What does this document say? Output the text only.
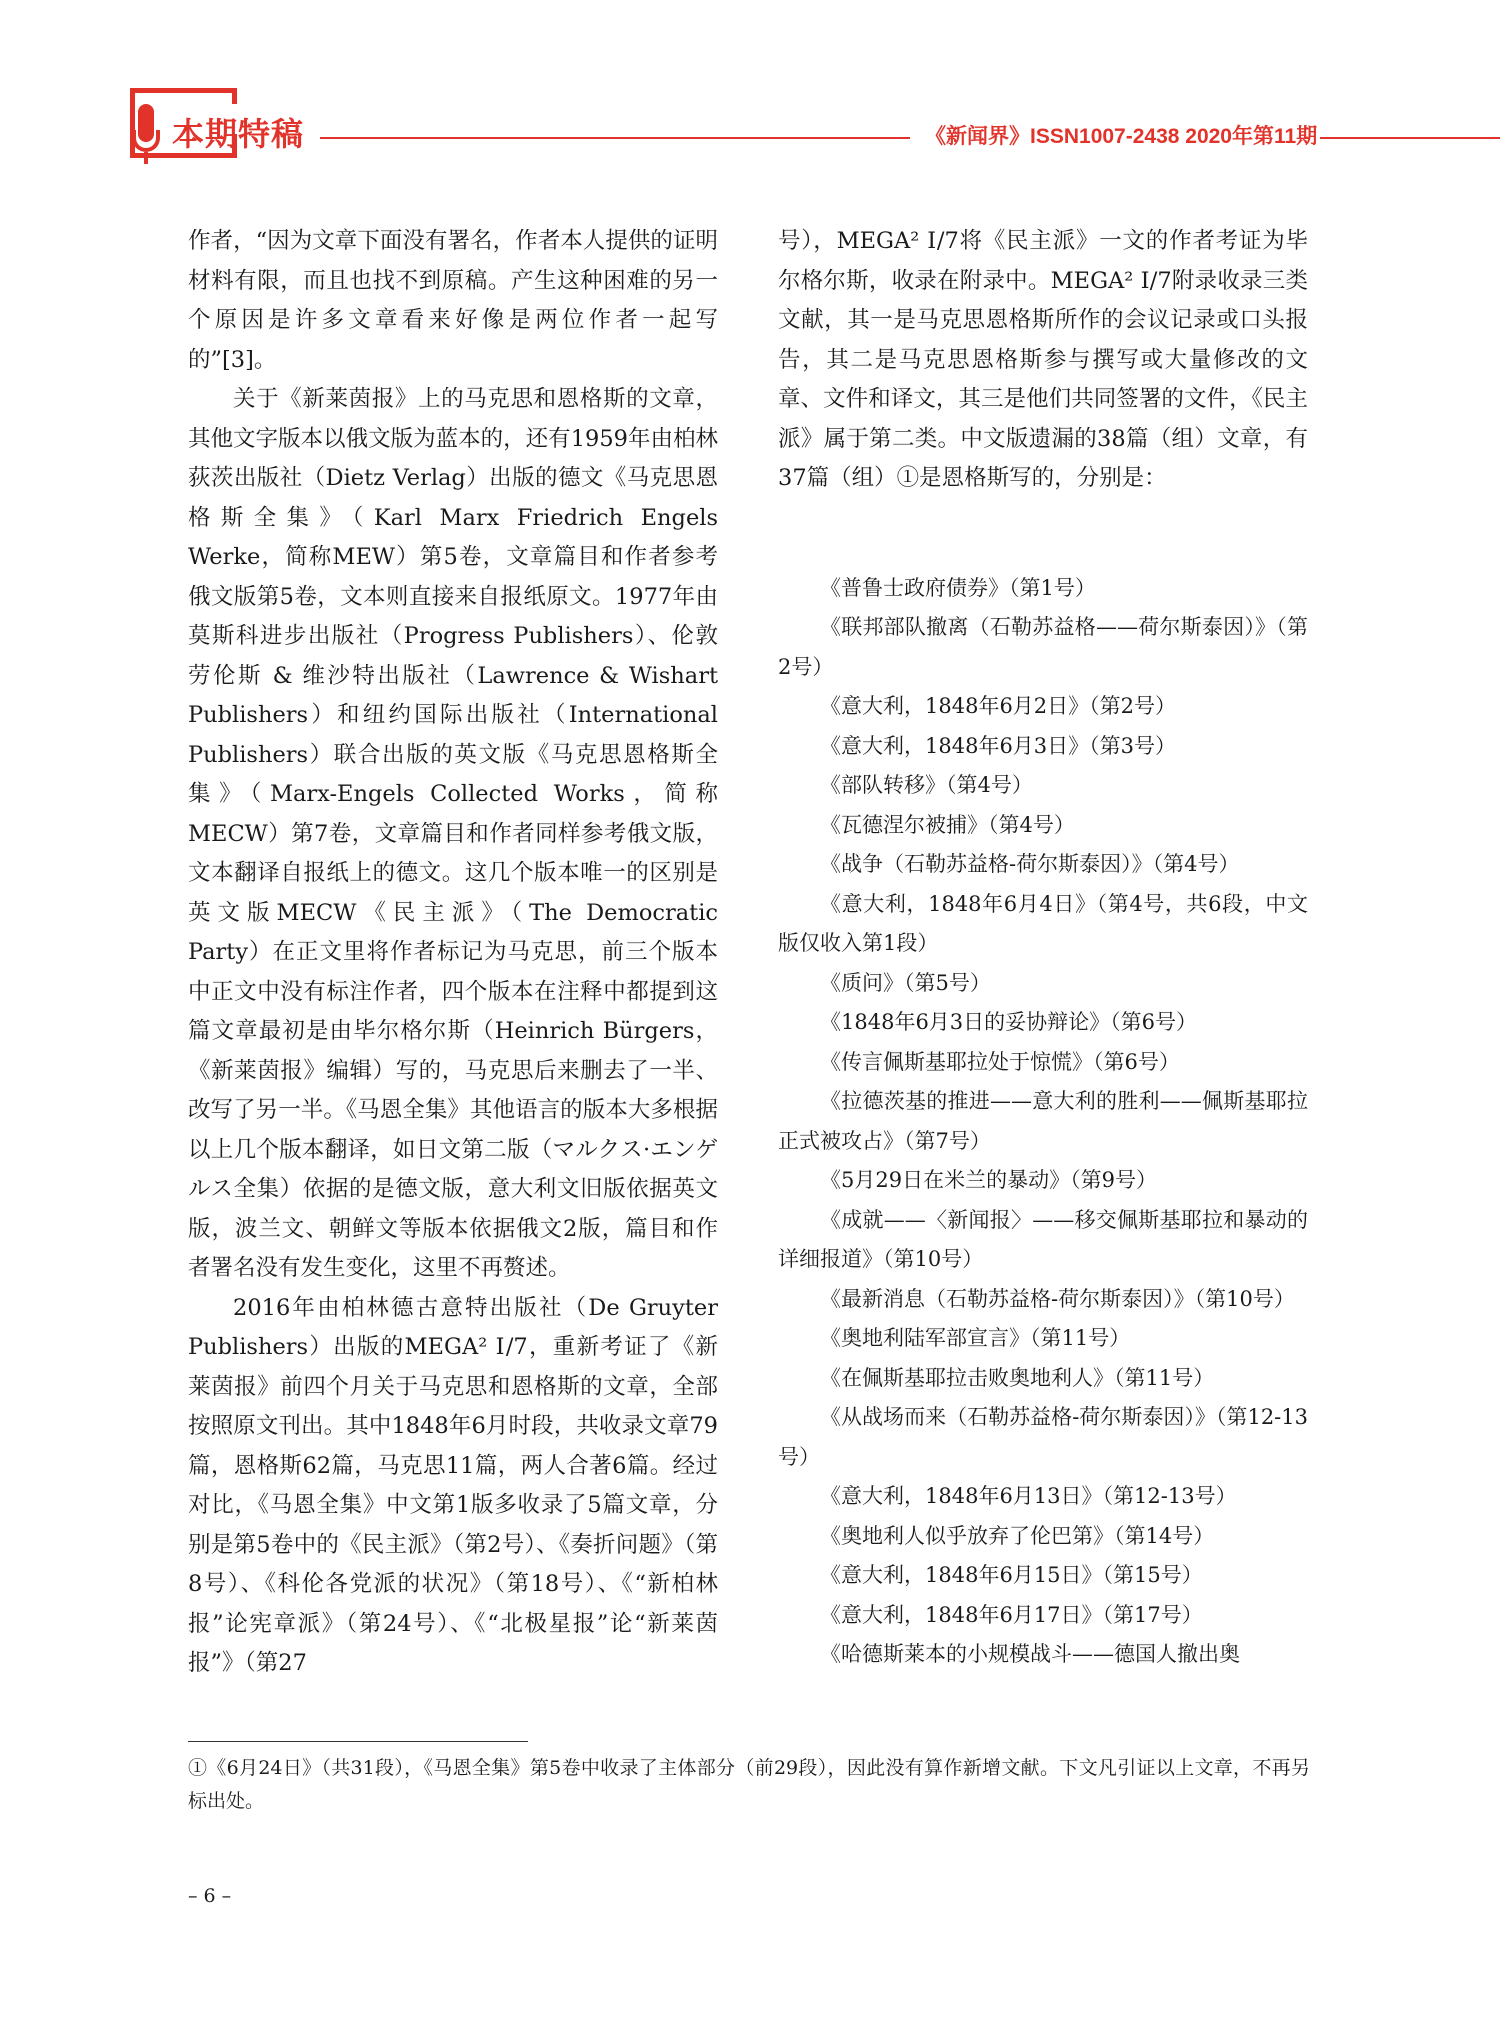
本期特稿	《新闻界》ISSN1007-2438 2020年第11期

作者，“因为文章下面没有署名，作者本人提供的证明材料有限，而且也找不到原稿。产生这种困难的另一个原因是许多文章看来好像是两位作者一起写的”[3]。

关于《新莱茵报》上的马克思和恩格斯的文章，其他文字版本以俄文版为蓝本的，还有1959年由柏林荻茨出版社（Dietz Verlag）出版的德文《马克思恩格斯全集》（Karl Marx Friedrich Engels Werke，简称MEW）第5卷，文章篇目和作者参考俄文版第5卷，文本则直接来自报纸原文。1977年由莫斯科进步出版社（Progress Publishers）、伦敦劳伦斯 & 维沙特出版社（Lawrence & Wishart Publishers）和纽约国际出版社（International Publishers）联合出版的英文版《马克思恩格斯全集》（Marx-Engels Collected Works，简称MECW）第7卷，文章篇目和作者同样参考俄文版，文本翻译自报纸上的德文。这几个版本唯一的区别是英文版MECW《民主派》（The Democratic Party）在正文里将作者标记为马克思，前三个版本中正文中没有标注作者，四个版本在注释中都提到这篇文章最初是由毕尔格尔斯（Heinrich Bürgers，《新莱茵报》编辑）写的，马克思后来删去了一半、改写了另一半。《马恩全集》其他语言的版本大多根据以上几个版本翻译，如日文第二版（マルクス·エンゲルス全集）依据的是德文版，意大利文旧版依据英文版，波兰文、朝鲜文等版本依据俄文2版，篇目和作者署名没有发生变化，这里不再赘述。

2016年由柏林德古意特出版社（De Gruyter Publishers）出版的MEGA² Ⅰ/7，重新考证了《新莱茵报》前四个月关于马克思和恩格斯的文章，全部按照原文刊出。其中1848年6月时段，共收录文章79篇，恩格斯62篇，马克思11篇，两人合著6篇。经过对比，《马恩全集》中文第1版多收录了5篇文章，分别是第5卷中的《民主派》（第2号）、《奏折问题》（第8号）、《科伦各党派的状况》（第18号）、《“新柏林报”论宪章派》（第24号）、《“北极星报”论“新莱茵报”》（第27

号），MEGA² Ⅰ/7将《民主派》一文的作者考证为毕尔格尔斯，收录在附录中。MEGA² Ⅰ/7附录收录三类文献，其一是马克思恩格斯所作的会议记录或口头报告，其二是马克思恩格斯参与撰写或大量修改的文章、文件和译文，其三是他们共同签署的文件，《民主派》属于第二类。中文版遗漏的38篇（组）文章，有37篇（组）①是恩格斯写的，分别是：

《普鲁士政府债券》（第1号）

《联邦部队撤离（石勒苏益格——荷尔斯泰因）》（第2号）

《意大利，1848年6月2日》（第2号）

《意大利，1848年6月3日》（第3号）

《部队转移》（第4号）

《瓦德涅尔被捕》（第4号）

《战争（石勒苏益格-荷尔斯泰因）》（第4号）

《意大利，1848年6月4日》（第4号，共6段，中文版仅收入第1段）

《质问》（第5号）

《1848年6月3日的妥协辩论》（第6号）

《传言佩斯基耶拉处于惊慌》（第6号）

《拉德茨基的推进——意大利的胜利——佩斯基耶拉正式被攻占》（第7号）

《5月29日在米兰的暴动》（第9号）

《成就——〈新闻报〉——移交佩斯基耶拉和暴动的详细报道》（第10号）

《最新消息（石勒苏益格-荷尔斯泰因）》（第10号）

《奥地利陆军部宣言》（第11号）

《在佩斯基耶拉击败奥地利人》（第11号）

《从战场而来（石勒苏益格-荷尔斯泰因）》（第12-13号）

《意大利，1848年6月13日》（第12-13号）

《奥地利人似乎放弃了伦巴第》（第14号）

《意大利，1848年6月15日》（第15号）

《意大利，1848年6月17日》（第17号）

《哈德斯莱本的小规模战斗——德国人撤出奥

①《6月24日》（共31段），《马恩全集》第5卷中收录了主体部分（前29段），因此没有算作新增文献。下文凡引证以上文章，不再另标出处。
– 6 –
